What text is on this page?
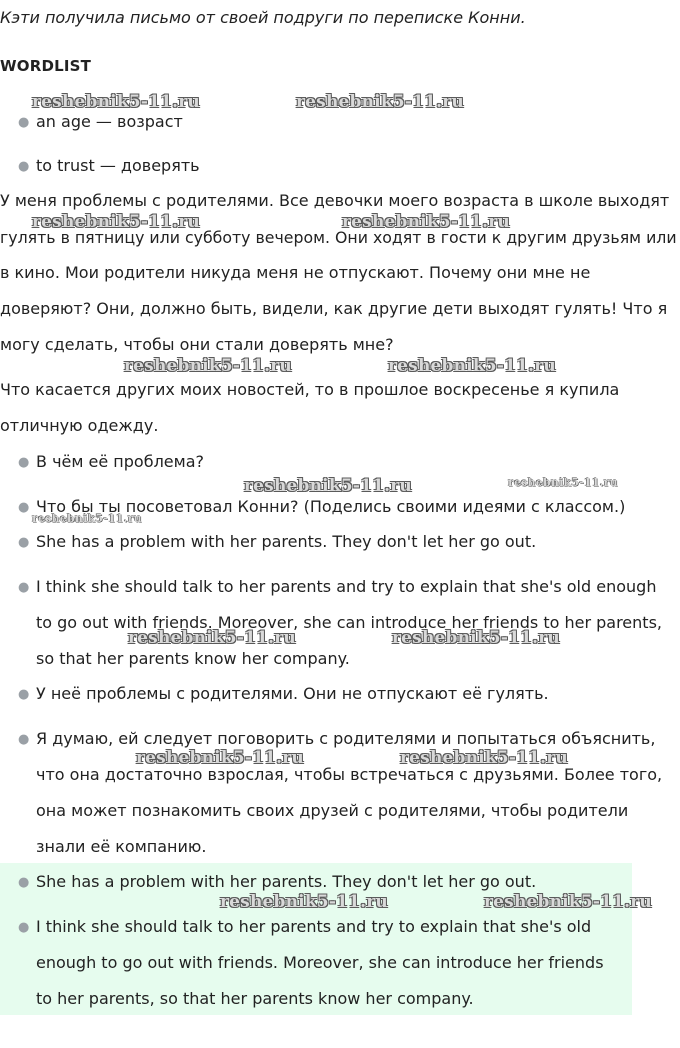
Кэти получила письмо от своей подруги по переписке Конни.
WORDLIST
● an age — возраст
● to trust — доверять
У меня проблемы с родителями. Все девочки моего возраста в школе выходят
гулять в пятницу или субботу вечером. Они ходят в гости к другим друзьям или
в кино. Мои родители никуда меня не отпускают. Почему они мне не
доверяют? Они, должно быть, видели, как другие дети выходят гулять! Что я
могу сделать, чтобы они стали доверять мне?
Что касается других моих новостей, то в прошлое воскресенье я купила
отличную одежду.
● В чём её проблема?
● Что бы ты посоветовал Конни? (Поделись своими идеями с классом.)
● She has a problem with her parents. They don't let her go out.
● I think she should talk to her parents and try to explain that she's old enough
to go out with friends. Moreover, she can introduce her friends to her parents,
so that her parents know her company.
● У неё проблемы с родителями. Они не отпускают её гулять.
● Я думаю, ей следует поговорить с родителями и попытаться объяснить,
что она достаточно взрослая, чтобы встречаться с друзьями. Более того,
она может познакомить своих друзей с родителями, чтобы родители
знали её компанию.
● She has a problem with her parents. They don't let her go out.
● I think she should talk to her parents and try to explain that she's old
enough to go out with friends. Moreover, she can introduce her friends
to her parents, so that her parents know her company.
reshebnik5-11.ru	reshebnik5-11.ru
reshebnik5-11.ru	reshebnik5-11.ru
reshebnik5-11.ru	reshebnik5-11.ru
reshebnik5-11.ru	reshebnik5-11.ru
reshebnik5-11.ru
reshebnik5-11.ru	reshebnik5-11.ru
reshebnik5-11.ru	reshebnik5-11.ru
reshebnik5-11.ru	reshebnik5-11.ru
